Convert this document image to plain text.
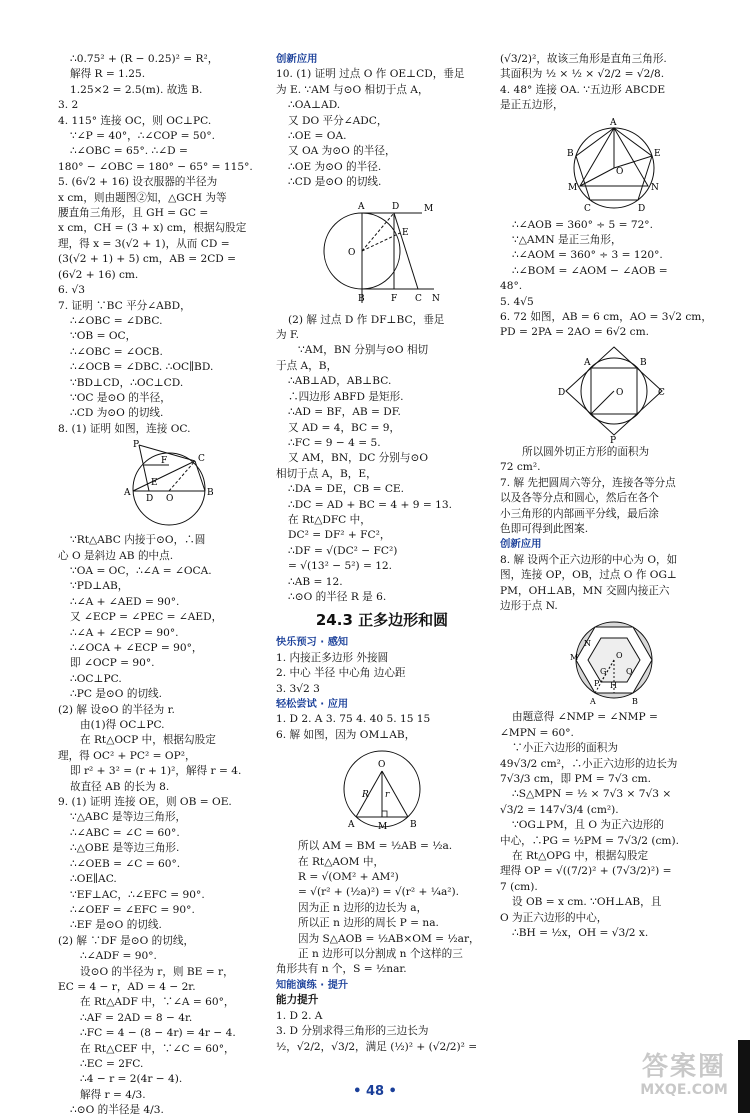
∴0.75² + (R − 0.25)² = R²，
解得 R = 1.25.
1.25×2 = 2.5(m). 故选 B.
3. 2
4. 115° 连接 OC，则 OC⊥PC.
∵∠P = 40°，∴∠COP = 50°.
∴∠OBC = 65°. ∴∠D =
180° − ∠OBC = 180° − 65° = 115°.
5. (6√2 + 16) 设衣服器的半径为
x cm，则由题图②知，△GCH 为等
腰直角三角形，且 GH = GC =
x cm，CH = (3 + x) cm，根据勾股定
理，得 x = 3(√2 + 1)，从而 CD =
(3(√2 + 1) + 5) cm，AB = 2CD =
(6√2 + 16) cm.
6. √3
7. 证明 ∵BC 平分∠ABD，
∴∠OBC = ∠DBC.
∵OB = OC，
∴∠OBC = ∠OCB.
∴∠OCB = ∠DBC. ∴OC∥BD.
∵BD⊥CD，∴OC⊥CD.
∵OC 是⊙O 的半径，
∴CD 为⊙O 的切线.
8. (1) 证明 如图，连接 OC.
P
F	C
E
A
D O
B
∵Rt△ABC 内接于⊙O，∴圆
心 O 是斜边 AB 的中点.
∵OA = OC，∴∠A = ∠OCA.
∵PD⊥AB，
∴∠A + ∠AED = 90°.
又 ∠ECP = ∠PEC = ∠AED，
∴∠A + ∠ECP = 90°.
∴∠OCA + ∠ECP = 90°，
即 ∠OCP = 90°.
∴OC⊥PC.
∴PC 是⊙O 的切线.
(2) 解 设⊙O 的半径为 r.
由(1)得 OC⊥PC.
在 Rt△OCP 中，根据勾股定
理，得 OC² + PC² = OP²，
即 r² + 3² = (r + 1)²，解得 r = 4.
故直径 AB 的长为 8.
9. (1) 证明 连接 OE，则 OB = OE.
∵△ABC 是等边三角形，
∴∠ABC = ∠C = 60°.
∴△OBE 是等边三角形.
∴∠OEB = ∠C = 60°.
∴OE∥AC.
∵EF⊥AC，∴∠EFC = 90°.
∴∠OEF = ∠EFC = 90°.
∴EF 是⊙O 的切线.
(2) 解 ∵DF 是⊙O 的切线，
∴∠ADF = 90°.
设⊙O 的半径为 r，则 BE = r，
EC = 4 − r，AD = 4 − 2r.
在 Rt△ADF 中，∵∠A = 60°，
∴AF = 2AD = 8 − 4r.
∴FC = 4 − (8 − 4r) = 4r − 4.
在 Rt△CEF 中，∵∠C = 60°，
∴EC = 2FC.
∴4 − r = 2(4r − 4).
解得 r = 4/3.
∴⊙O 的半径是 4/3.
创新应用
10. (1) 证明 过点 O 作 OE⊥CD，垂足
为 E. ∵AM 与⊙O 相切于点 A，
∴OA⊥AD.
又 DO 平分∠ADC，
∴OE = OA.
又 OA 为⊙O 的半径，
∴OE 为⊙O 的半径.
∴CD 是⊙O 的切线.
A	D	M
E
O
B	F C N
(2) 解 过点 D 作 DF⊥BC，垂足
为 F.
∵AM，BN 分别与⊙O 相切
于点 A，B，
∴AB⊥AD，AB⊥BC.
∴四边形 ABFD 是矩形.
∴AD = BF，AB = DF.
又 AD = 4，BC = 9，
∴FC = 9 − 4 = 5.
又 AM，BN，DC 分别与⊙O
相切于点 A，B，E，
∴DA = DE，CB = CE.
∴DC = AD + BC = 4 + 9 = 13.
在 Rt△DFC 中，
DC² = DF² + FC²，
∴DF = √(DC² − FC²)
= √(13² − 5²) = 12.
∴AB = 12.
∴⊙O 的半径 R 是 6.
24.3 正多边形和圆
快乐预习 · 感知
1. 内接正多边形 外接圆
2. 中心 半径 中心角 边心距
3. 3√2 3
轻松尝试 · 应用
1. D 2. A 3. 75 4. 40 5. 15 15
6. 解 如图，因为 OM⊥AB，
O
R r
A	M	B
所以 AM = BM = ½AB = ½a.
在 Rt△AOM 中，
R = √(OM² + AM²)
= √(r² + (½a)²) = √(r² + ¼a²).
因为正 n 边形的边长为 a，
所以正 n 边形的周长 P = na.
因为 S△AOB = ½AB×OM = ½ar，
正 n 边形可以分割成 n 个这样的三
角形共有 n 个，S = ½nar.
知能演练 · 提升
能力提升
1. D 2. A
3. D 分别求得三角形的三边长为
½，√2/2，√3/2，满足 (½)² + (√2/2)² =
(√3/2)²，故该三角形是直角三角形.
其面积为 ½ × ½ × √2/2 = √2/8.
4. 48° 连接 OA. ∵五边形 ABCDE
是正五边形，
A
B	E
M	N
O
C	D
∴∠AOB = 360° ÷ 5 = 72°.
∵△AMN 是正三角形，
∴∠AOM = 360° ÷ 3 = 120°.
∴∠BOM = ∠AOM − ∠AOB =
48°.
5. 4√5
6. 72 如图，AB = 6 cm，AO = 3√2 cm，
PD = 2PA = 2AO = 6√2 cm.
A	B
C
D	O
P
所以圆外切正方形的面积为
72 cm².
7. 解 先把圆周六等分，连接各等分点
以及各等分点和圆心，然后在各个
小三角形的内部画平分线，最后涂
色即可得到此图案.
创新应用
8. 解 设两个正六边形的中心为 O，如
图，连接 OP，OB，过点 O 作 OG⊥
PM，OH⊥AB，MN 交圆内接正六
边形于点 N.
M
N
P
O
G Q
H
A	B
由题意得 ∠NMP = ∠NMP =
∠MPN = 60°.
∵小正六边形的面积为
49√3/2 cm²，∴小正六边形的边长为
7√3/3 cm，即 PM = 7√3 cm.
∴S△MPN = ½ × 7√3 × 7√3 ×
√3/2 = 147√3/4 (cm²).
∵OG⊥PM，且 O 为正六边形的
中心，∴PG = ½PM = 7√3/2 (cm).
在 Rt△OPG 中，根据勾股定
理得 OP = √((7/2)² + (7√3/2)²) =
7 (cm).
设 OB = x cm. ∵OH⊥AB，且
O 为正六边形的中心，
∴BH = ½x，OH = √3/2 x.
• 48 •
答案圈
MXQE.COM
